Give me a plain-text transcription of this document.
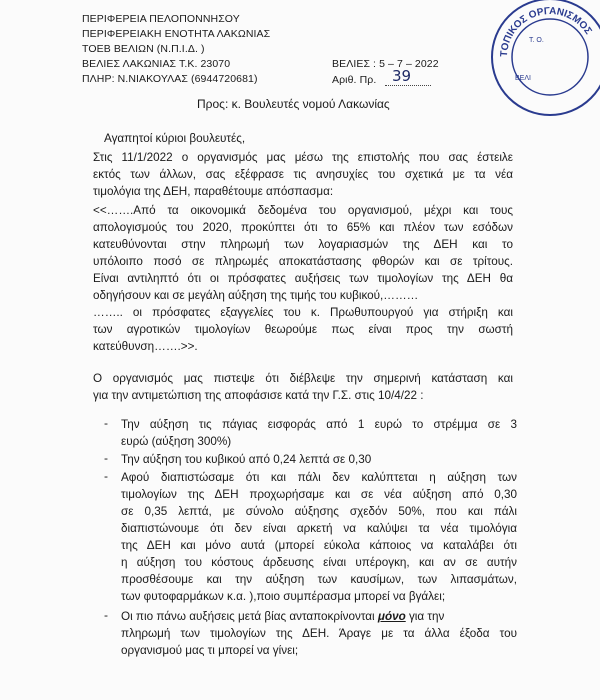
ΠΕΡΙΦΕΡΕΙΑ ΠΕΛΟΠΟΝΝΗΣΟΥ
ΠΕΡΙΦΕΡΕΙΑΚΗ ΕΝΟΤΗΤΑ ΛΑΚΩΝΙΑΣ
ΤΟΕΒ ΒΕΛΙΩΝ (Ν.Π.Ι.Δ. )
ΒΕΛΙΕΣ ΛΑΚΩΝΙΑΣ Τ.Κ. 23070
ΠΛΗΡ: Ν.ΝΙΑΚΟΥΛΑΣ (6944720681)
ΒΕΛΙΕΣ : 5 – 7 – 2022
Αριθ. Πρ. 39
ΤΟΠΙΚΟΣ ΟΡΓΑΝΙΣΜΟΣ
ΒΕΛΙ
Τ. Ο.
Προς: κ. Βουλευτές νομού Λακωνίας
Αγαπητοί κύριοι βουλευτές,
Στις 11/1/2022 ο οργανισμός μας μέσω της επιστολής που σας έστειλε
εκτός των άλλων, σας εξέφρασε τις ανησυχίες του σχετικά με τα νέα
τιμολόγια της ΔΕΗ, παραθέτουμε απόσπασμα:
<<…….Από τα οικονομικά δεδομένα του οργανισμού, μέχρι και τους
απολογισμούς του 2020, προκύπτει ότι το 65% και πλέον των εσόδων
κατευθύνονται στην πληρωμή των λογαριασμών της ΔΕΗ και το
υπόλοιπο ποσό σε πληρωμές αποκατάστασης φθορών και σε τρίτους.
Είναι αντιληπτό ότι οι πρόσφατες αυξήσεις των τιμολογίων της ΔΕΗ θα
οδηγήσουν και σε μεγάλη αύξηση της τιμής του κυβικού,………
…….. οι πρόσφατες εξαγγελίες του κ. Πρωθυπουργού για στήριξη και
των αγροτικών τιμολογίων θεωρούμε πως είναι προς την σωστή
κατεύθυνση…….>>.
Ο οργανισμός μας πιστεψε ότι διέβλεψε την σημερινή κατάσταση και
για την αντιμετώπιση της αποφάσισε κατά την Γ.Σ. στις 10/4/22 :
- Την αύξηση τις πάγιας εισφοράς από 1 ευρώ το στρέμμα σε 3
ευρώ (αύξηση 300%)
- Την αύξηση του κυβικού από 0,24 λεπτά σε 0,30
- Αφού διαπιστώσαμε ότι και πάλι δεν καλύπτεται η αύξηση των
τιμολογίων της ΔΕΗ προχωρήσαμε και σε νέα αύξηση από 0,30
σε 0,35 λεπτά, με σύνολο αύξησης σχεδόν 50%, που και πάλι
διαπιστώνουμε ότι δεν είναι αρκετή να καλύψει τα νέα τιμολόγια
της ΔΕΗ και μόνο αυτά (μπορεί εύκολα κάποιος να καταλάβει ότι
η αύξηση του κόστους άρδευσης είναι υπέρογκη, και αν σε αυτήν
προσθέσουμε και την αύξηση των καυσίμων, των λιπασμάτων,
των φυτοφαρμάκων κ.α. ),ποιο συμπέρασμα μπορεί να βγάλει;
- Οι πιο πάνω αυξήσεις μετά βίας ανταποκρίνονται μόνο για την
πληρωμή των τιμολογίων της ΔΕΗ. Άραγε με τα άλλα έξοδα του
οργανισμού μας τι μπορεί να γίνει;
